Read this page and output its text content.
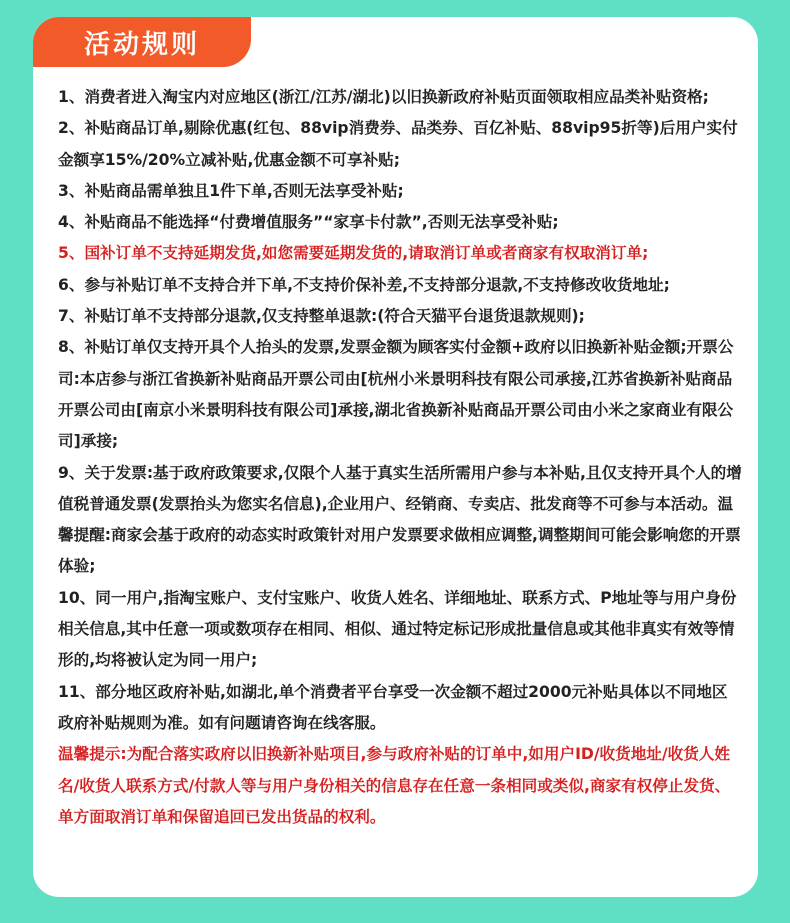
活动规则

1、消费者进入淘宝内对应地区(浙江/江苏/湖北)以旧换新政府补贴页面领取相应品类补贴资格;

2、补贴商品订单,剔除优惠(红包、88vip消费券、品类券、百亿补贴、88vip95折等)后用户实付金额享15%/20%立减补贴,优惠金额不可享补贴;

3、补贴商品需单独且1件下单,否则无法享受补贴;

4、补贴商品不能选择“付费增值服务”“家享卡付款”,否则无法享受补贴;

5、国补订单不支持延期发货,如您需要延期发货的,请取消订单或者商家有权取消订单;

6、参与补贴订单不支持合并下单,不支持价保补差,不支持部分退款,不支持修改收货地址;

7、补贴订单不支持部分退款,仅支持整单退款:(符合天猫平台退货退款规则);

8、补贴订单仅支持开具个人抬头的发票,发票金额为顾客实付金额+政府以旧换新补贴金额;开票公司:本店参与浙江省换新补贴商品开票公司由[杭州小米景明科技有限公司承接,江苏省换新补贴商品开票公司由[南京小米景明科技有限公司]承接,湖北省换新补贴商品开票公司由小米之家商业有限公司]承接;

9、关于发票:基于政府政策要求,仅限个人基于真实生活所需用户参与本补贴,且仅支持开具个人的增值税普通发票(发票抬头为您实名信息),企业用户、经销商、专卖店、批发商等不可参与本活动。温馨提醒:商家会基于政府的动态实时政策针对用户发票要求做相应调整,调整期间可能会影响您的开票体验;

10、同一用户,指淘宝账户、支付宝账户、收货人姓名、详细地址、联系方式、P地址等与用户身份相关信息,其中任意一项或数项存在相同、相似、通过特定标记形成批量信息或其他非真实有效等情形的,均将被认定为同一用户;

11、部分地区政府补贴,如湖北,单个消费者平台享受一次金额不超过2000元补贴具体以不同地区政府补贴规则为准。如有问题请咨询在线客服。

温馨提示:为配合落实政府以旧换新补贴项目,参与政府补贴的订单中,如用户ID/收货地址/收货人姓名/收货人联系方式/付款人等与用户身份相关的信息存在任意一条相同或类似,商家有权停止发货、单方面取消订单和保留追回已发出货品的权利。
